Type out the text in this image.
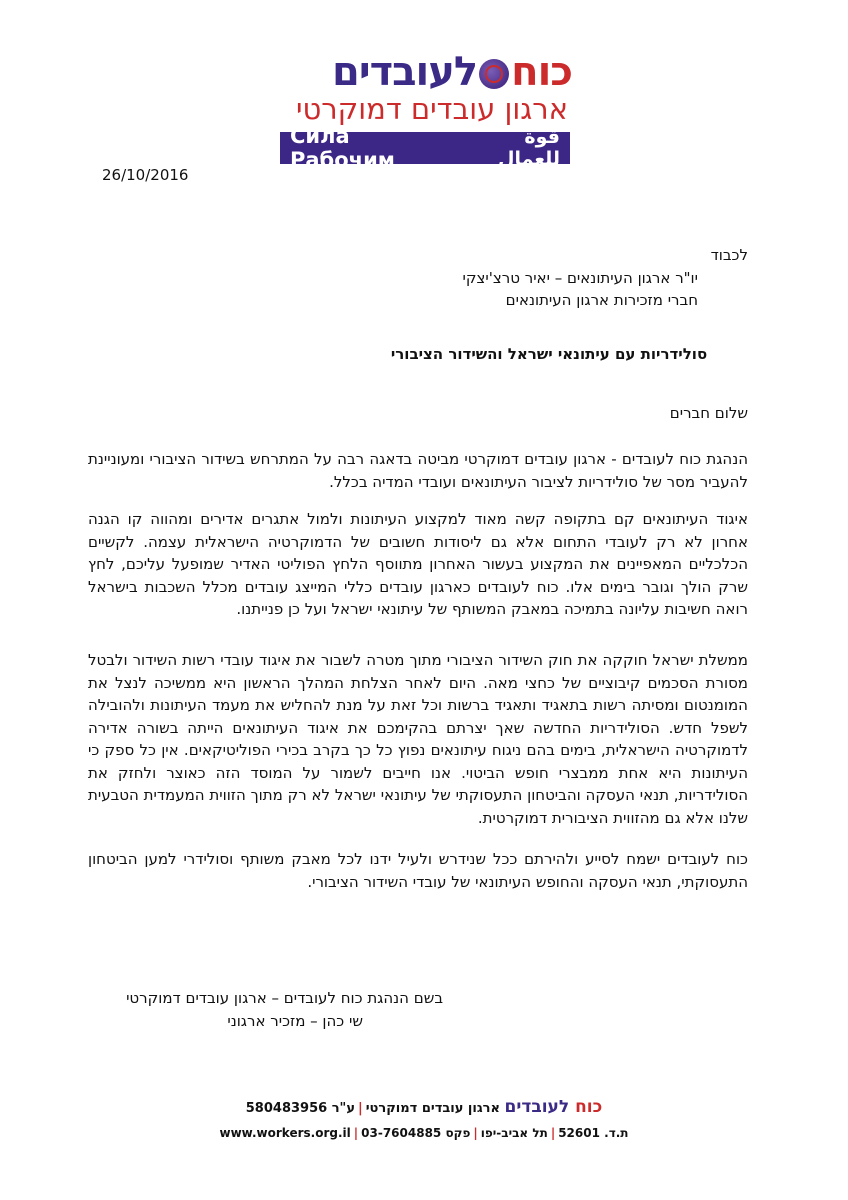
כוחלעובדים
ארגון עובדים דמוקרטי
Сила Рабочим
قوة للعمال
26/10/2016
לכבוד
יו"ר ארגון העיתונאים – יאיר טרצ'יצקי
חברי מזכירות ארגון העיתונאים
סולידריות עם עיתונאי ישראל והשידור הציבורי
שלום חברים
הנהגת כוח לעובדים - ארגון עובדים דמוקרטי מביטה בדאגה רבה על המתרחש בשידור הציבורי ומעוניינת להעביר מסר של סולידריות לציבור העיתונאים ועובדי המדיה בכלל.
איגוד העיתונאים קם בתקופה קשה מאוד למקצוע העיתונות ולמול אתגרים אדירים ומהווה קו הגנה אחרון לא רק לעובדי התחום אלא גם ליסודות חשובים של הדמוקרטיה הישראלית עצמה. לקשיים הכלכליים המאפיינים את המקצוע בעשור האחרון מתווסף הלחץ הפוליטי האדיר שמופעל עליכם, לחץ שרק הולך וגובר בימים אלו. כוח לעובדים כארגון עובדים כללי המייצג עובדים מכלל השכבות בישראל רואה חשיבות עליונה בתמיכה במאבק המשותף של עיתונאי ישראל ועל כן פנייתנו.
ממשלת ישראל חוקקה את חוק השידור הציבורי מתוך מטרה לשבור את איגוד עובדי רשות השידור ולבטל מסורת הסכמים קיבוציים של כחצי מאה. היום לאחר הצלחת המהלך הראשון היא ממשיכה לנצל את המומנטום ומסיתה רשות בתאגיד ותאגיד ברשות וכל זאת על מנת להחליש את מעמד העיתונות ולהובילה לשפל חדש. הסולידריות החדשה שאך יצרתם בהקימכם את איגוד העיתונאים הייתה בשורה אדירה לדמוקרטיה הישראלית, בימים בהם ניגוח עיתונאים נפוץ כל כך בקרב בכירי הפוליטיקאים. אין כל ספק כי העיתונות היא אחת ממבצרי חופש הביטוי. אנו חייבים לשמור על המוסד הזה כאוצר ולחזק את הסולידריות, תנאי העסקה והביטחון התעסוקתי של עיתונאי ישראל לא רק מתוך הזווית המעמדית הטבעית שלנו אלא גם מהזווית הציבורית דמוקרטית.
כוח לעובדים ישמח לסייע ולהירתם ככל שנידרש ולעיל ידנו לכל מאבק משותף וסולידרי למען הביטחון התעסוקתי, תנאי העסקה והחופש העיתונאי של עובדי השידור הציבורי.
בשם הנהגת כוח לעובדים – ארגון עובדים דמוקרטי
שי כהן – מזכיר ארגוני
כוח לעובדים ארגון עובדים דמוקרטי|ע"ר 580483956
ת.ד. 52601|תל אביב-יפו|פקס 03-7604885|www.workers.org.il
